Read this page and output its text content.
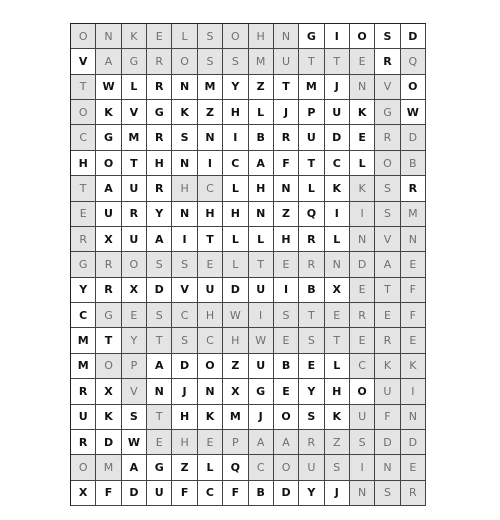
O	N	K	E	L	S	O	H	N	G	I	O	S	D
V	A	G	R	O	S	S	M	U	T	T	E	R	Q
T	W	L	R	N	M	Y	Z	T	M	J	N	V	O
O	K	V	G	K	Z	H	L	J	P	U	K	G	W
C	G	M	R	S	N	I	B	R	U	D	E	R	D
H	O	T	H	N	I	C	A	F	T	C	L	O	B
T	A	U	R	H	C	L	H	N	L	K	K	S	R
E	U	R	Y	N	H	H	N	Z	Q	I	I	S	M
R	X	U	A	I	T	L	L	H	R	L	N	V	N
G	R	O	S	S	E	L	T	E	R	N	D	A	E
Y	R	X	D	V	U	D	U	I	B	X	E	T	F
C	G	E	S	C	H	W	I	S	T	E	R	E	F
M	T	Y	T	S	C	H	W	E	S	T	E	R	E
M	O	P	A	D	O	Z	U	B	E	L	C	K	K
R	X	V	N	J	N	X	G	E	Y	H	O	U	I
U	K	S	T	H	K	M	J	O	S	K	U	F	N
R	D	W	E	H	E	P	A	A	R	Z	S	D	D
O	M	A	G	Z	L	Q	C	O	U	S	I	N	E
X	F	D	U	F	C	F	B	D	Y	J	N	S	R
